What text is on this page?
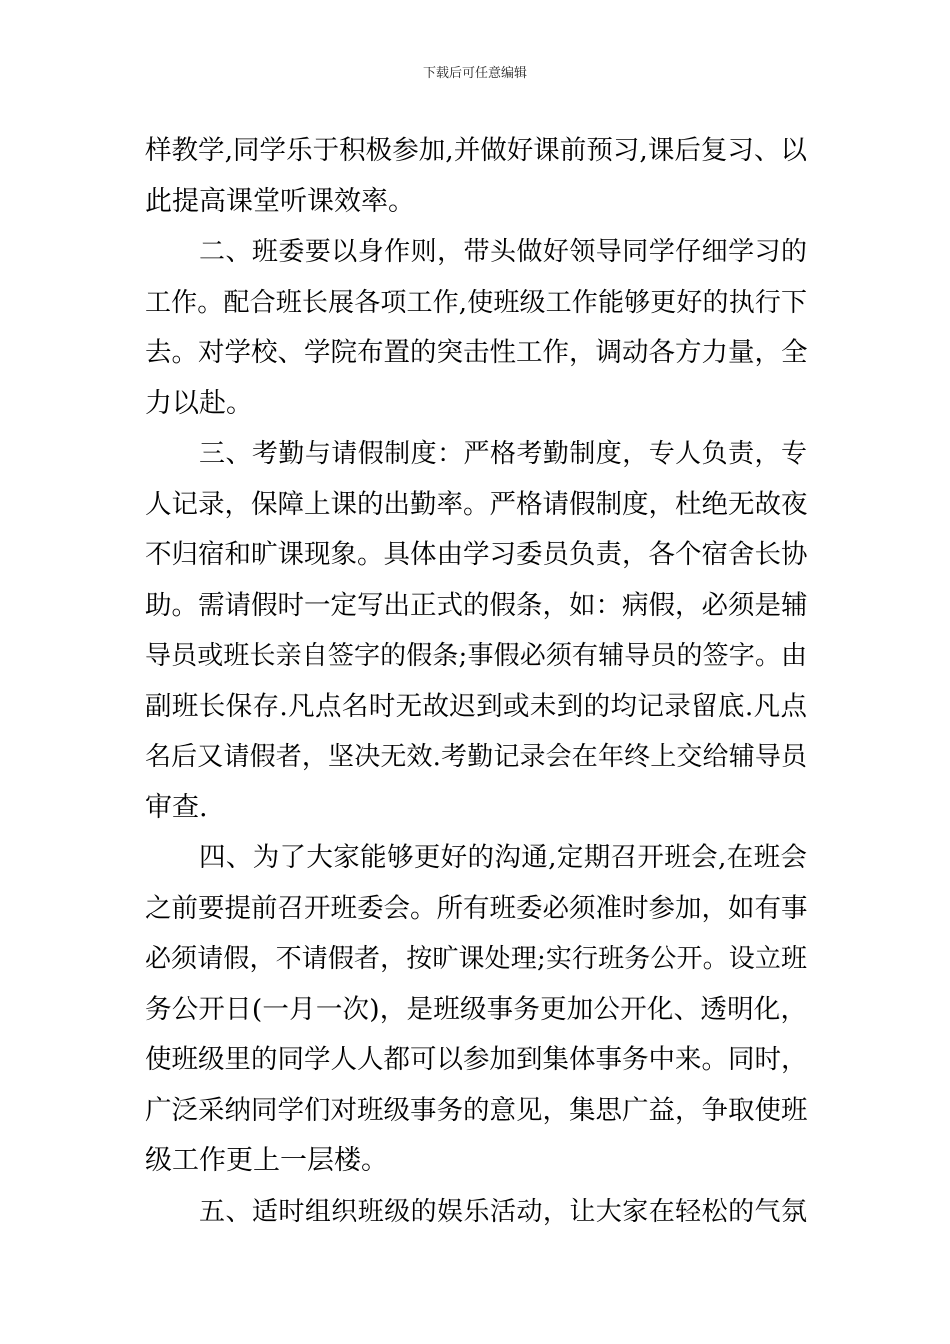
下载后可任意编辑
样教学,同学乐于积极参加,并做好课前预习,课后复习、以
此提高课堂听课效率。
二、班委要以身作则，带头做好领导同学仔细学习的
工作。配合班长展各项工作,使班级工作能够更好的执行下
去。对学校、学院布置的突击性工作，调动各方力量，全
力以赴。
三、考勤与请假制度：严格考勤制度，专人负责，专
人记录，保障上课的出勤率。严格请假制度，杜绝无故夜
不归宿和旷课现象。具体由学习委员负责，各个宿舍长协
助。需请假时一定写出正式的假条，如：病假，必须是辅
导员或班长亲自签字的假条;事假必须有辅导员的签字。由
副班长保存.凡点名时无故迟到或未到的均记录留底.凡点
名后又请假者，坚决无效.考勤记录会在年终上交给辅导员
审查.
四、为了大家能够更好的沟通,定期召开班会,在班会
之前要提前召开班委会。所有班委必须准时参加，如有事
必须请假，不请假者，按旷课处理;实行班务公开。设立班
务公开日(一月一次)，是班级事务更加公开化、透明化，
使班级里的同学人人都可以参加到集体事务中来。同时，
广泛采纳同学们对班级事务的意见，集思广益，争取使班
级工作更上一层楼。
五、适时组织班级的娱乐活动，让大家在轻松的气氛
